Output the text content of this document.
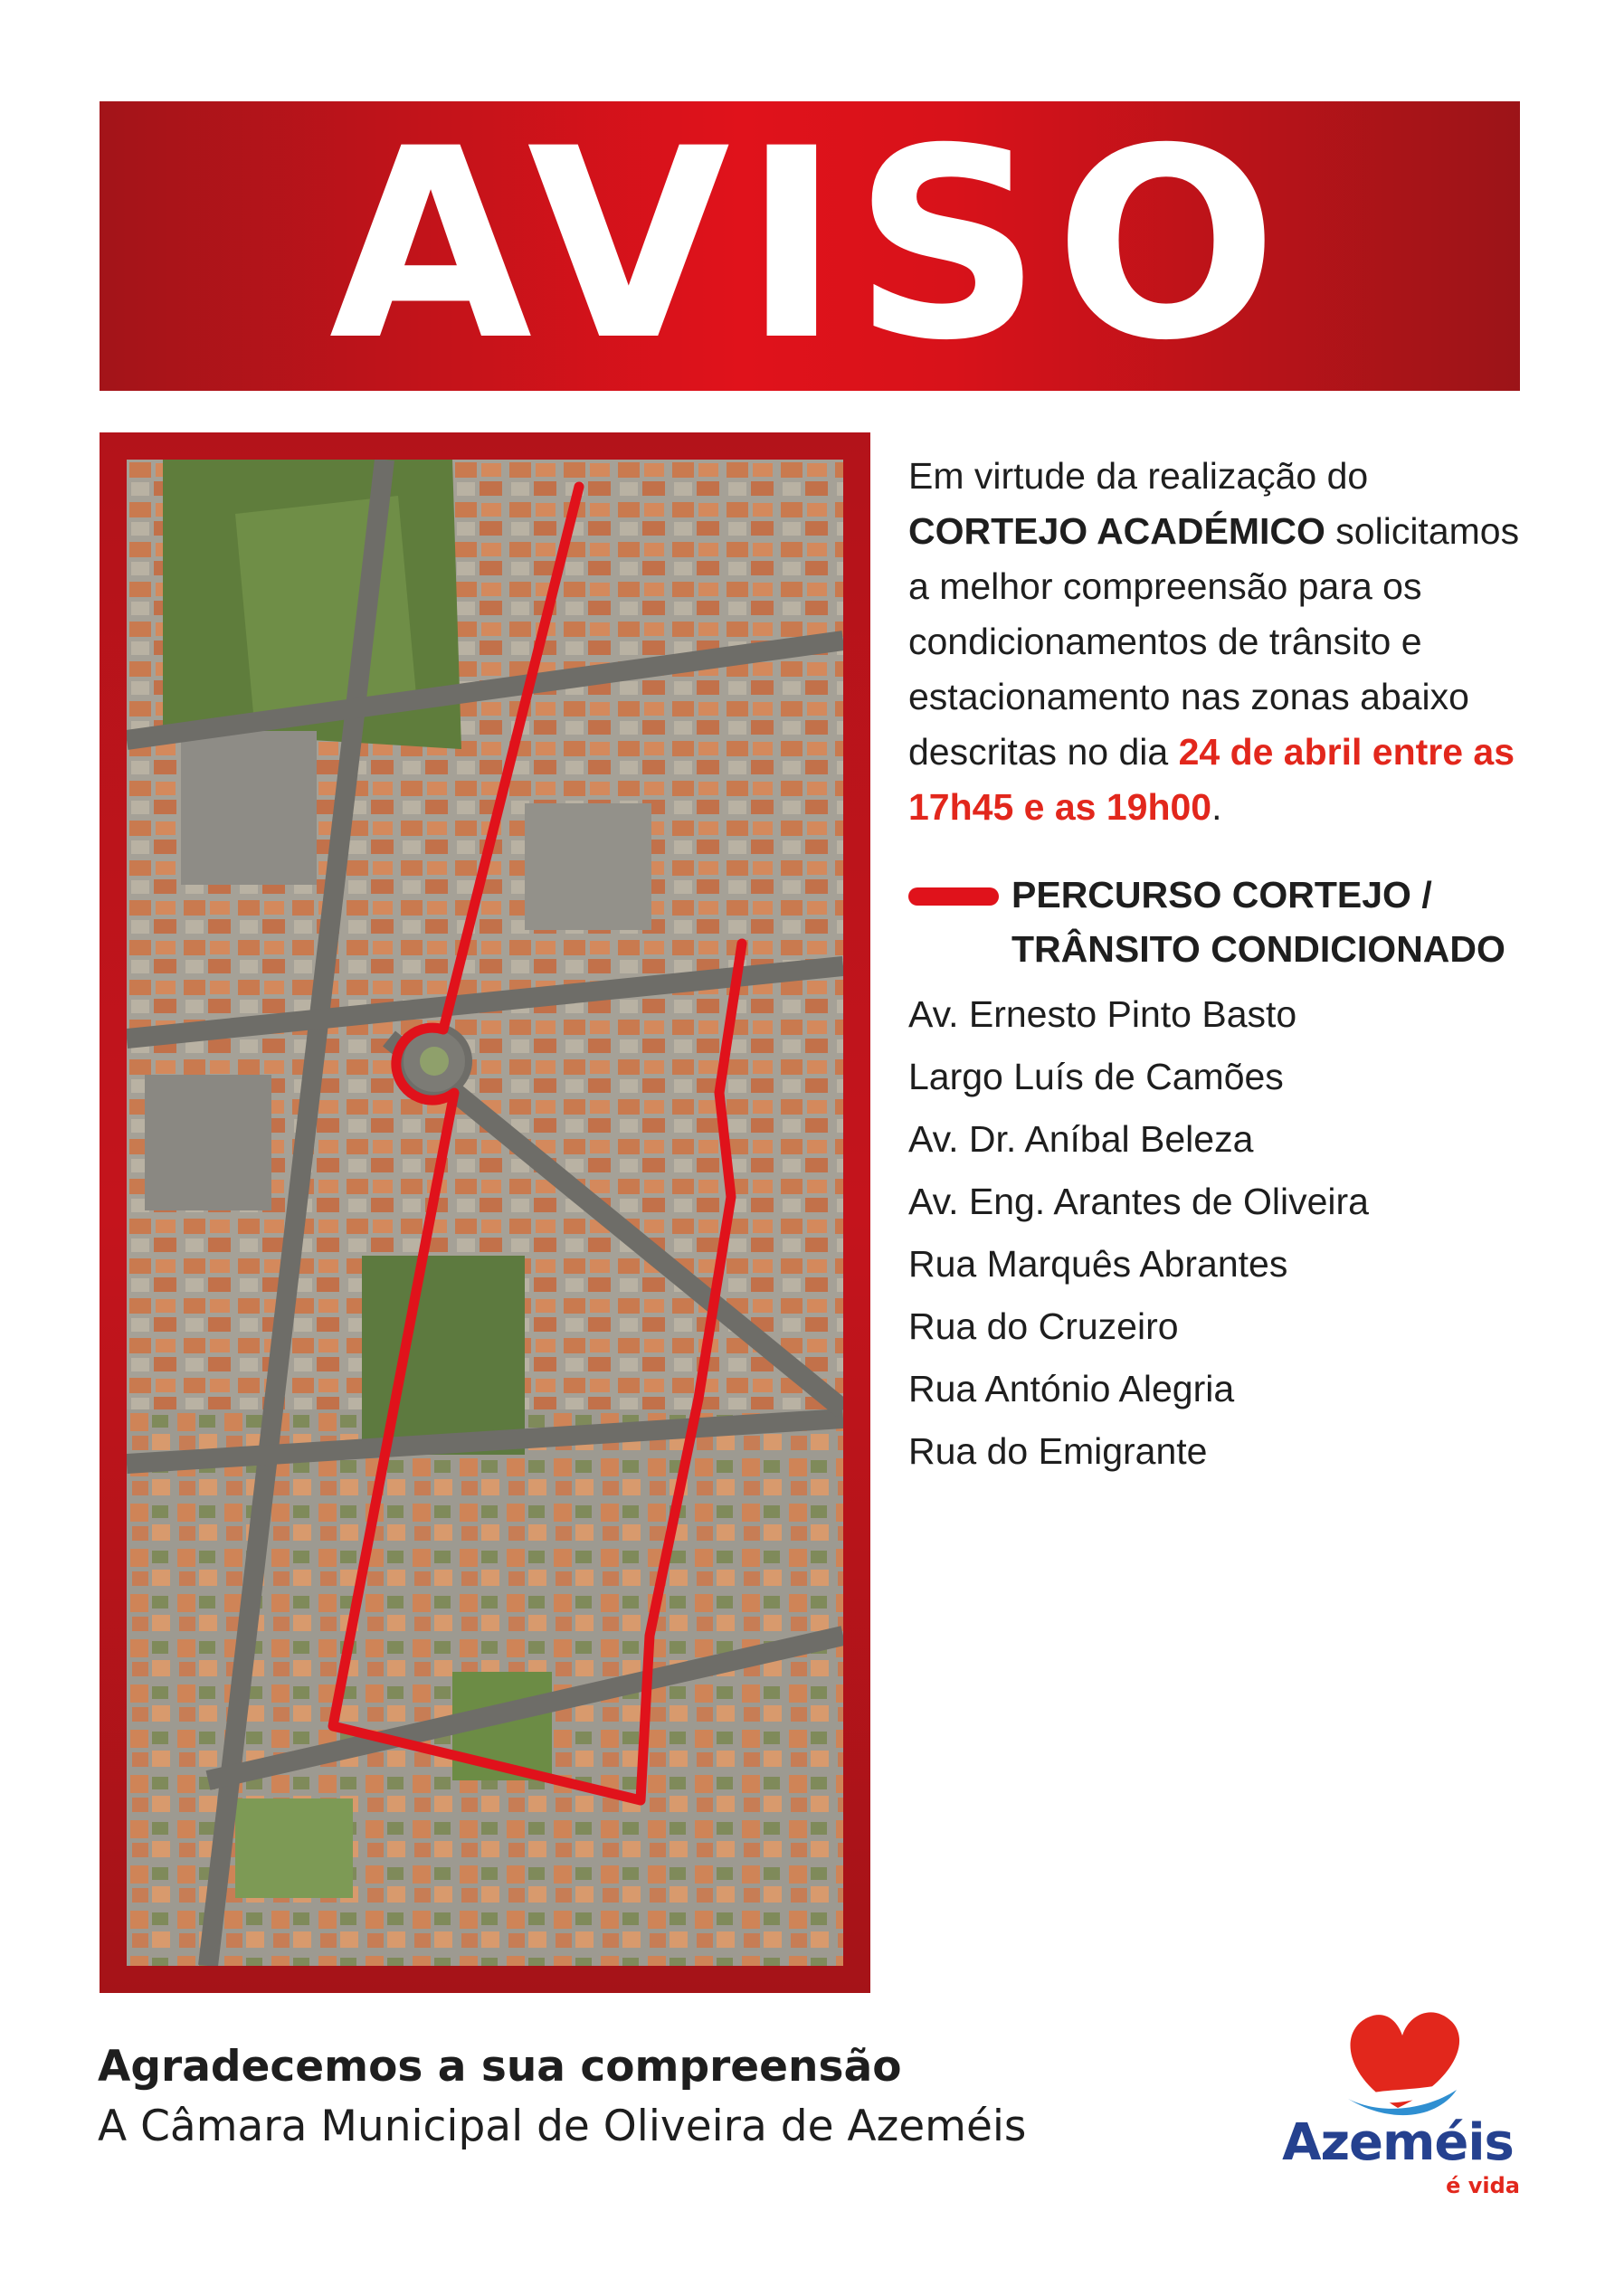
AVISO

Em virtude da realização do CORTEJO ACADÉMICO solicitamos a melhor compreensão para os condicionamentos de trânsito e estacionamento nas zonas abaixo descritas no dia 24 de abril entre as 17h45 e as 19h00.

PERCURSO CORTEJO / TRÂNSITO CONDICIONADO
Av. Ernesto Pinto Basto
Largo Luís de Camões
Av. Dr. Aníbal Beleza
Av. Eng. Arantes de Oliveira
Rua Marquês Abrantes
Rua do Cruzeiro
Rua António Alegria
Rua do Emigrante
Agradecemos a sua compreensão
A Câmara Municipal de Oliveira de Azeméis	Azeméis
é vida
